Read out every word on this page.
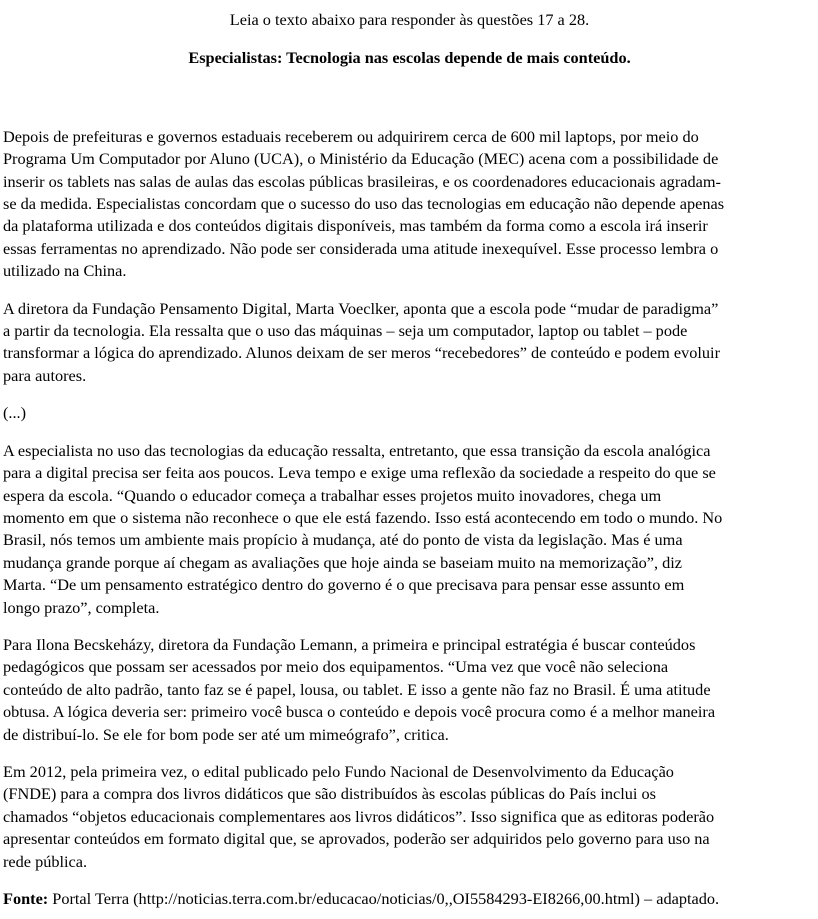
Leia o texto abaixo para responder às questões 17 a 28.
Especialistas: Tecnologia nas escolas depende de mais conteúdo.
Depois de prefeituras e governos estaduais receberem ou adquirirem cerca de 600 mil laptops, por meio do
Programa Um Computador por Aluno (UCA), o Ministério da Educação (MEC) acena com a possibilidade de
inserir os tablets nas salas de aulas das escolas públicas brasileiras, e os coordenadores educacionais agradam-
se da medida. Especialistas concordam que o sucesso do uso das tecnologias em educação não depende apenas
da plataforma utilizada e dos conteúdos digitais disponíveis, mas também da forma como a escola irá inserir
essas ferramentas no aprendizado. Não pode ser considerada uma atitude inexequível. Esse processo lembra o
utilizado na China.
A diretora da Fundação Pensamento Digital, Marta Voeclker, aponta que a escola pode “mudar de paradigma”
a partir da tecnologia. Ela ressalta que o uso das máquinas – seja um computador, laptop ou tablet – pode
transformar a lógica do aprendizado. Alunos deixam de ser meros “recebedores” de conteúdo e podem evoluir
para autores.
(...)
A especialista no uso das tecnologias da educação ressalta, entretanto, que essa transição da escola analógica
para a digital precisa ser feita aos poucos. Leva tempo e exige uma reflexão da sociedade a respeito do que se
espera da escola. “Quando o educador começa a trabalhar esses projetos muito inovadores, chega um
momento em que o sistema não reconhece o que ele está fazendo. Isso está acontecendo em todo o mundo. No
Brasil, nós temos um ambiente mais propício à mudança, até do ponto de vista da legislação. Mas é uma
mudança grande porque aí chegam as avaliações que hoje ainda se baseiam muito na memorização”, diz
Marta. “De um pensamento estratégico dentro do governo é o que precisava para pensar esse assunto em
longo prazo”, completa.
Para Ilona Becskeházy, diretora da Fundação Lemann, a primeira e principal estratégia é buscar conteúdos
pedagógicos que possam ser acessados por meio dos equipamentos. “Uma vez que você não seleciona
conteúdo de alto padrão, tanto faz se é papel, lousa, ou tablet. E isso a gente não faz no Brasil. É uma atitude
obtusa. A lógica deveria ser: primeiro você busca o conteúdo e depois você procura como é a melhor maneira
de distribuí-lo. Se ele for bom pode ser até um mimeógrafo”, critica.
Em 2012, pela primeira vez, o edital publicado pelo Fundo Nacional de Desenvolvimento da Educação
(FNDE) para a compra dos livros didáticos que são distribuídos às escolas públicas do País inclui os
chamados “objetos educacionais complementares aos livros didáticos”. Isso significa que as editoras poderão
apresentar conteúdos em formato digital que, se aprovados, poderão ser adquiridos pelo governo para uso na
rede pública.
Fonte: Portal Terra (http://noticias.terra.com.br/educacao/noticias/0,,OI5584293-EI8266,00.html) – adaptado.
